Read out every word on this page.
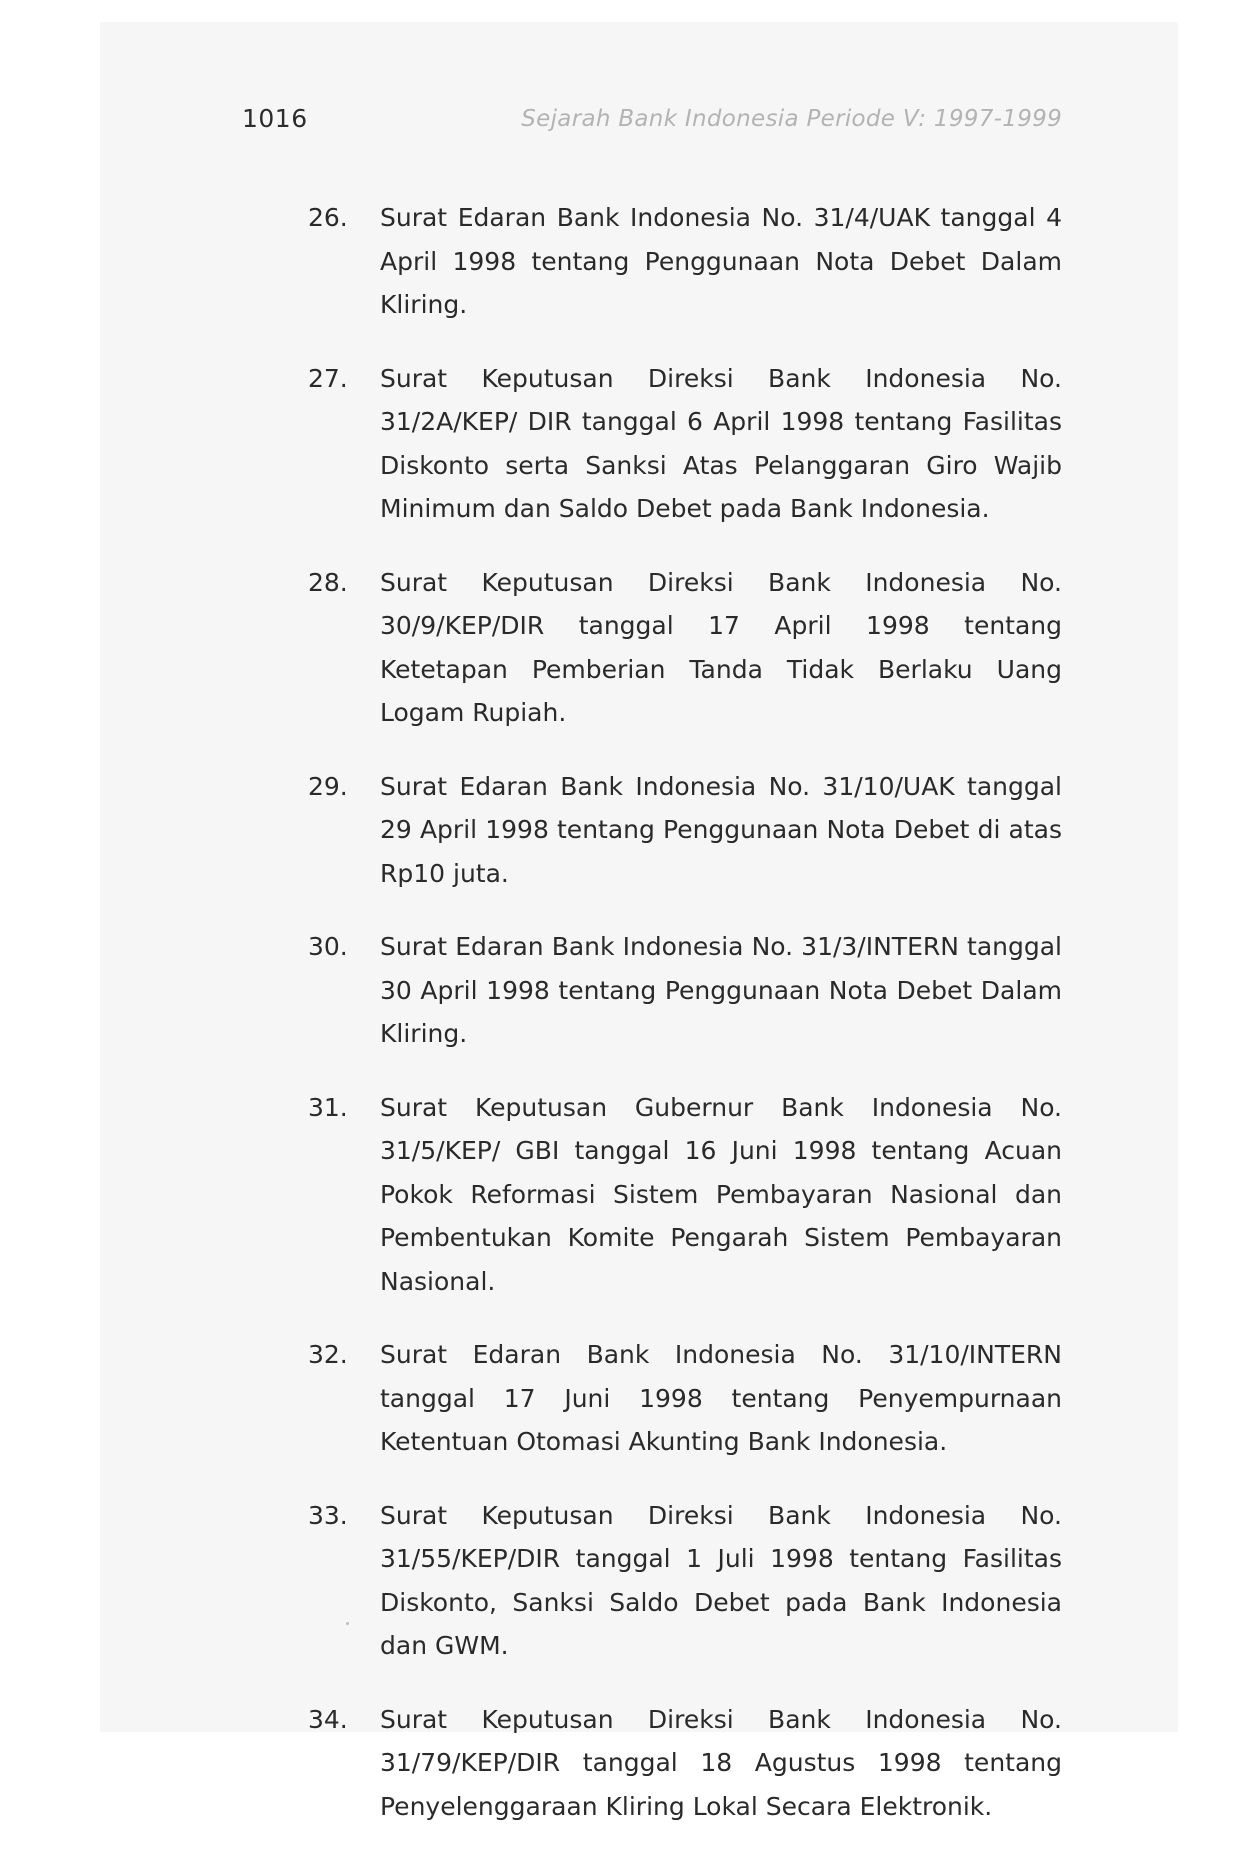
1016	Sejarah Bank Indonesia Periode V: 1997-1999
26. Surat Edaran Bank Indonesia No. 31/4/UAK tanggal 4 April 1998 tentang Penggunaan Nota Debet Dalam Kliring.
27. Surat Keputusan Direksi Bank Indonesia No. 31/2A/KEP/ DIR tanggal 6 April 1998 tentang Fasilitas Diskonto serta Sanksi Atas Pelanggaran Giro Wajib Minimum dan Saldo Debet pada Bank Indonesia.
28. Surat Keputusan Direksi Bank Indonesia No. 30/9/KEP/DIR tanggal 17 April 1998 tentang Ketetapan Pemberian Tanda Tidak Berlaku Uang Logam Rupiah.
29. Surat Edaran Bank Indonesia No. 31/10/UAK tanggal 29 April 1998 tentang Penggunaan Nota Debet di atas Rp10 juta.
30. Surat Edaran Bank Indonesia No. 31/3/INTERN tanggal 30 April 1998 tentang Penggunaan Nota Debet Dalam Kliring.
31. Surat Keputusan Gubernur Bank Indonesia No. 31/5/KEP/ GBI tanggal 16 Juni 1998 tentang Acuan Pokok Reformasi Sistem Pembayaran Nasional dan Pembentukan Komite Pengarah Sistem Pembayaran Nasional.
32. Surat Edaran Bank Indonesia No. 31/10/INTERN tanggal 17 Juni 1998 tentang Penyempurnaan Ketentuan Otomasi Akunting Bank Indonesia.
33. Surat Keputusan Direksi Bank Indonesia No. 31/55/KEP/DIR tanggal 1 Juli 1998 tentang Fasilitas Diskonto, Sanksi Saldo Debet pada Bank Indonesia dan GWM.
34. Surat Keputusan Direksi Bank Indonesia No. 31/79/KEP/DIR tanggal 18 Agustus 1998 tentang Penyelenggaraan Kliring Lokal Secara Elektronik.
